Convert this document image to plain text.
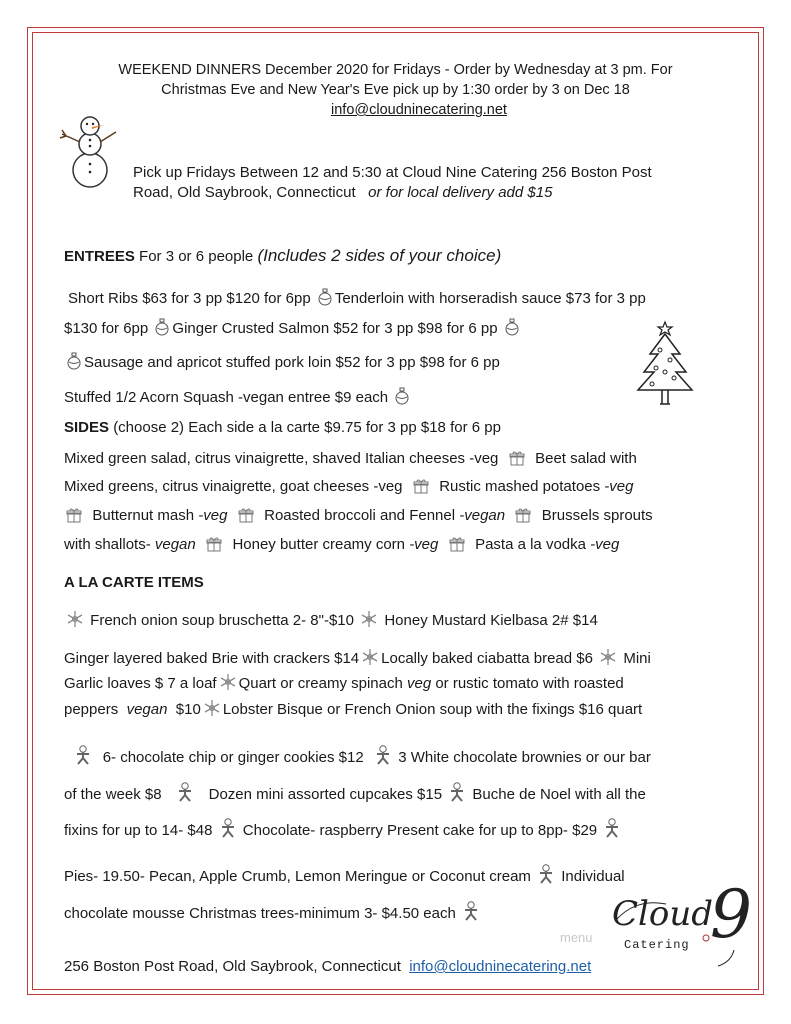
WEEKEND DINNERS December 2020 for Fridays - Order by Wednesday at 3 pm. For
Christmas Eve and New Year's Eve pick up by 1:30 order by 3 on Dec 18
info@cloudninecatering.net
Pick up Fridays Between 12 and 5:30 at Cloud Nine Catering 256 Boston Post
Road, Old Saybrook, Connecticut or for local delivery add $15
ENTREES For 3 or 6 people (Includes 2 sides of your choice)
Short Ribs $63 for 3 pp $120 for 6pp Tenderloin with horseradish sauce $73 for 3 pp
$130 for 6pp Ginger Crusted Salmon $52 for 3 pp $98 for 6 pp
Sausage and apricot stuffed pork loin $52 for 3 pp $98 for 6 pp
Stuffed 1/2 Acorn Squash -vegan entree $9 each
SIDES (choose 2) Each side a la carte $9.75 for 3 pp $18 for 6 pp
Mixed green salad, citrus vinaigrette, shaved Italian cheeses -veg Beet salad with
Mixed greens, citrus vinaigrette, goat cheeses -veg Rustic mashed potatoes -veg
Butternut mash -veg Roasted broccoli and Fennel -vegan Brussels sprouts
with shallots- vegan Honey butter creamy corn -veg Pasta a la vodka -veg
A LA CARTE ITEMS
French onion soup bruschetta 2- 8"-$10 Honey Mustard Kielbasa 2# $14
Ginger layered baked Brie with crackers $14 Locally baked ciabatta bread $6 Mini
Garlic loaves $ 7 a loaf Quart or creamy spinach veg or rustic tomato with roasted
peppers vegan $10 Lobster Bisque or French Onion soup with the fixings $16 quart
6- chocolate chip or ginger cookies $12 3 White chocolate brownies or our bar
of the week $8	Dozen mini assorted cupcakes $15 Buche de Noel with all the
fixins for up to 14- $48 Chocolate- raspberry Present cake for up to 8pp- $29
Pies- 19.50- Pecan, Apple Crumb, Lemon Meringue or Coconut cream Individual
chocolate mousse Christmas trees-minimum 3- $4.50 each	Cloud
9
Catering
menu
256 Boston Post Road, Old Saybrook, Connecticut info@cloudninecatering.net
